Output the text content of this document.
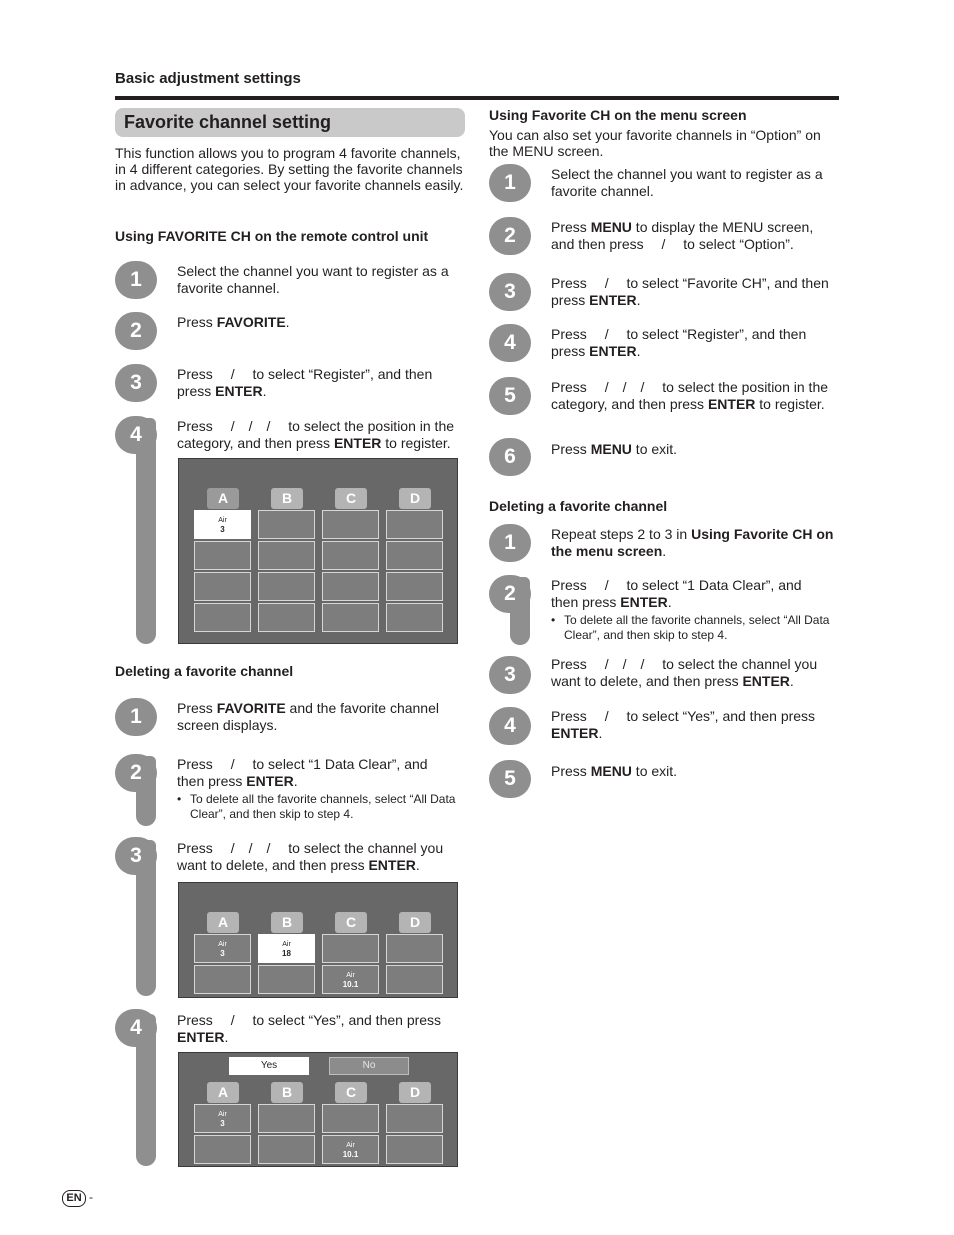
Basic adjustment settings
Favorite channel setting
This function allows you to program 4 favorite channels, in 4 different categories. By setting the favorite channels in advance, you can select your favorite channels easily.
Using FAVORITE CH on the remote control unit
1	Select the channel you want to register as a favorite channel.
2	Press FAVORITE.
3	Press  /  to select “Register”, and then press ENTER.
4	Press  / / /  to select the position in the category, and then press ENTER to register.
A	B	C	D
Air
3
Deleting a favorite channel
1	Press FAVORITE and the favorite channel screen displays.
2	Press  /  to select “1 Data Clear”, and then press ENTER.
• To delete all the favorite channels, select “All Data Clear”, and then skip to step 4.
3	Press  / / /  to select the channel you want to delete, and then press ENTER.
A	B	C	D
Air
3
Air
18
Air
10.1
4	Press  /  to select “Yes”, and then press ENTER.
Yes	No
A	B	C	D
Air
3
Air
10.1
Using Favorite CH on the menu screen
You can also set your favorite channels in “Option” on the MENU screen.
1	Select the channel you want to register as a favorite channel.
2	Press MENU to display the MENU screen, and then press  /  to select “Option”.
3	Press  /  to select “Favorite CH”, and then press ENTER.
4	Press  /  to select “Register”, and then press ENTER.
5	Press  / / /  to select the position in the category, and then press ENTER to register.
6	Press MENU to exit.
Deleting a favorite channel
1	Repeat steps 2 to 3 in Using Favorite CH on the menu screen.
2	Press  /  to select “1 Data Clear”, and then press ENTER.
• To delete all the favorite channels, select “All Data Clear”, and then skip to step 4.
3	Press  / / /  to select the channel you want to delete, and then press ENTER.
4	Press  /  to select “Yes”, and then press ENTER.
5	Press MENU to exit.
EN -
